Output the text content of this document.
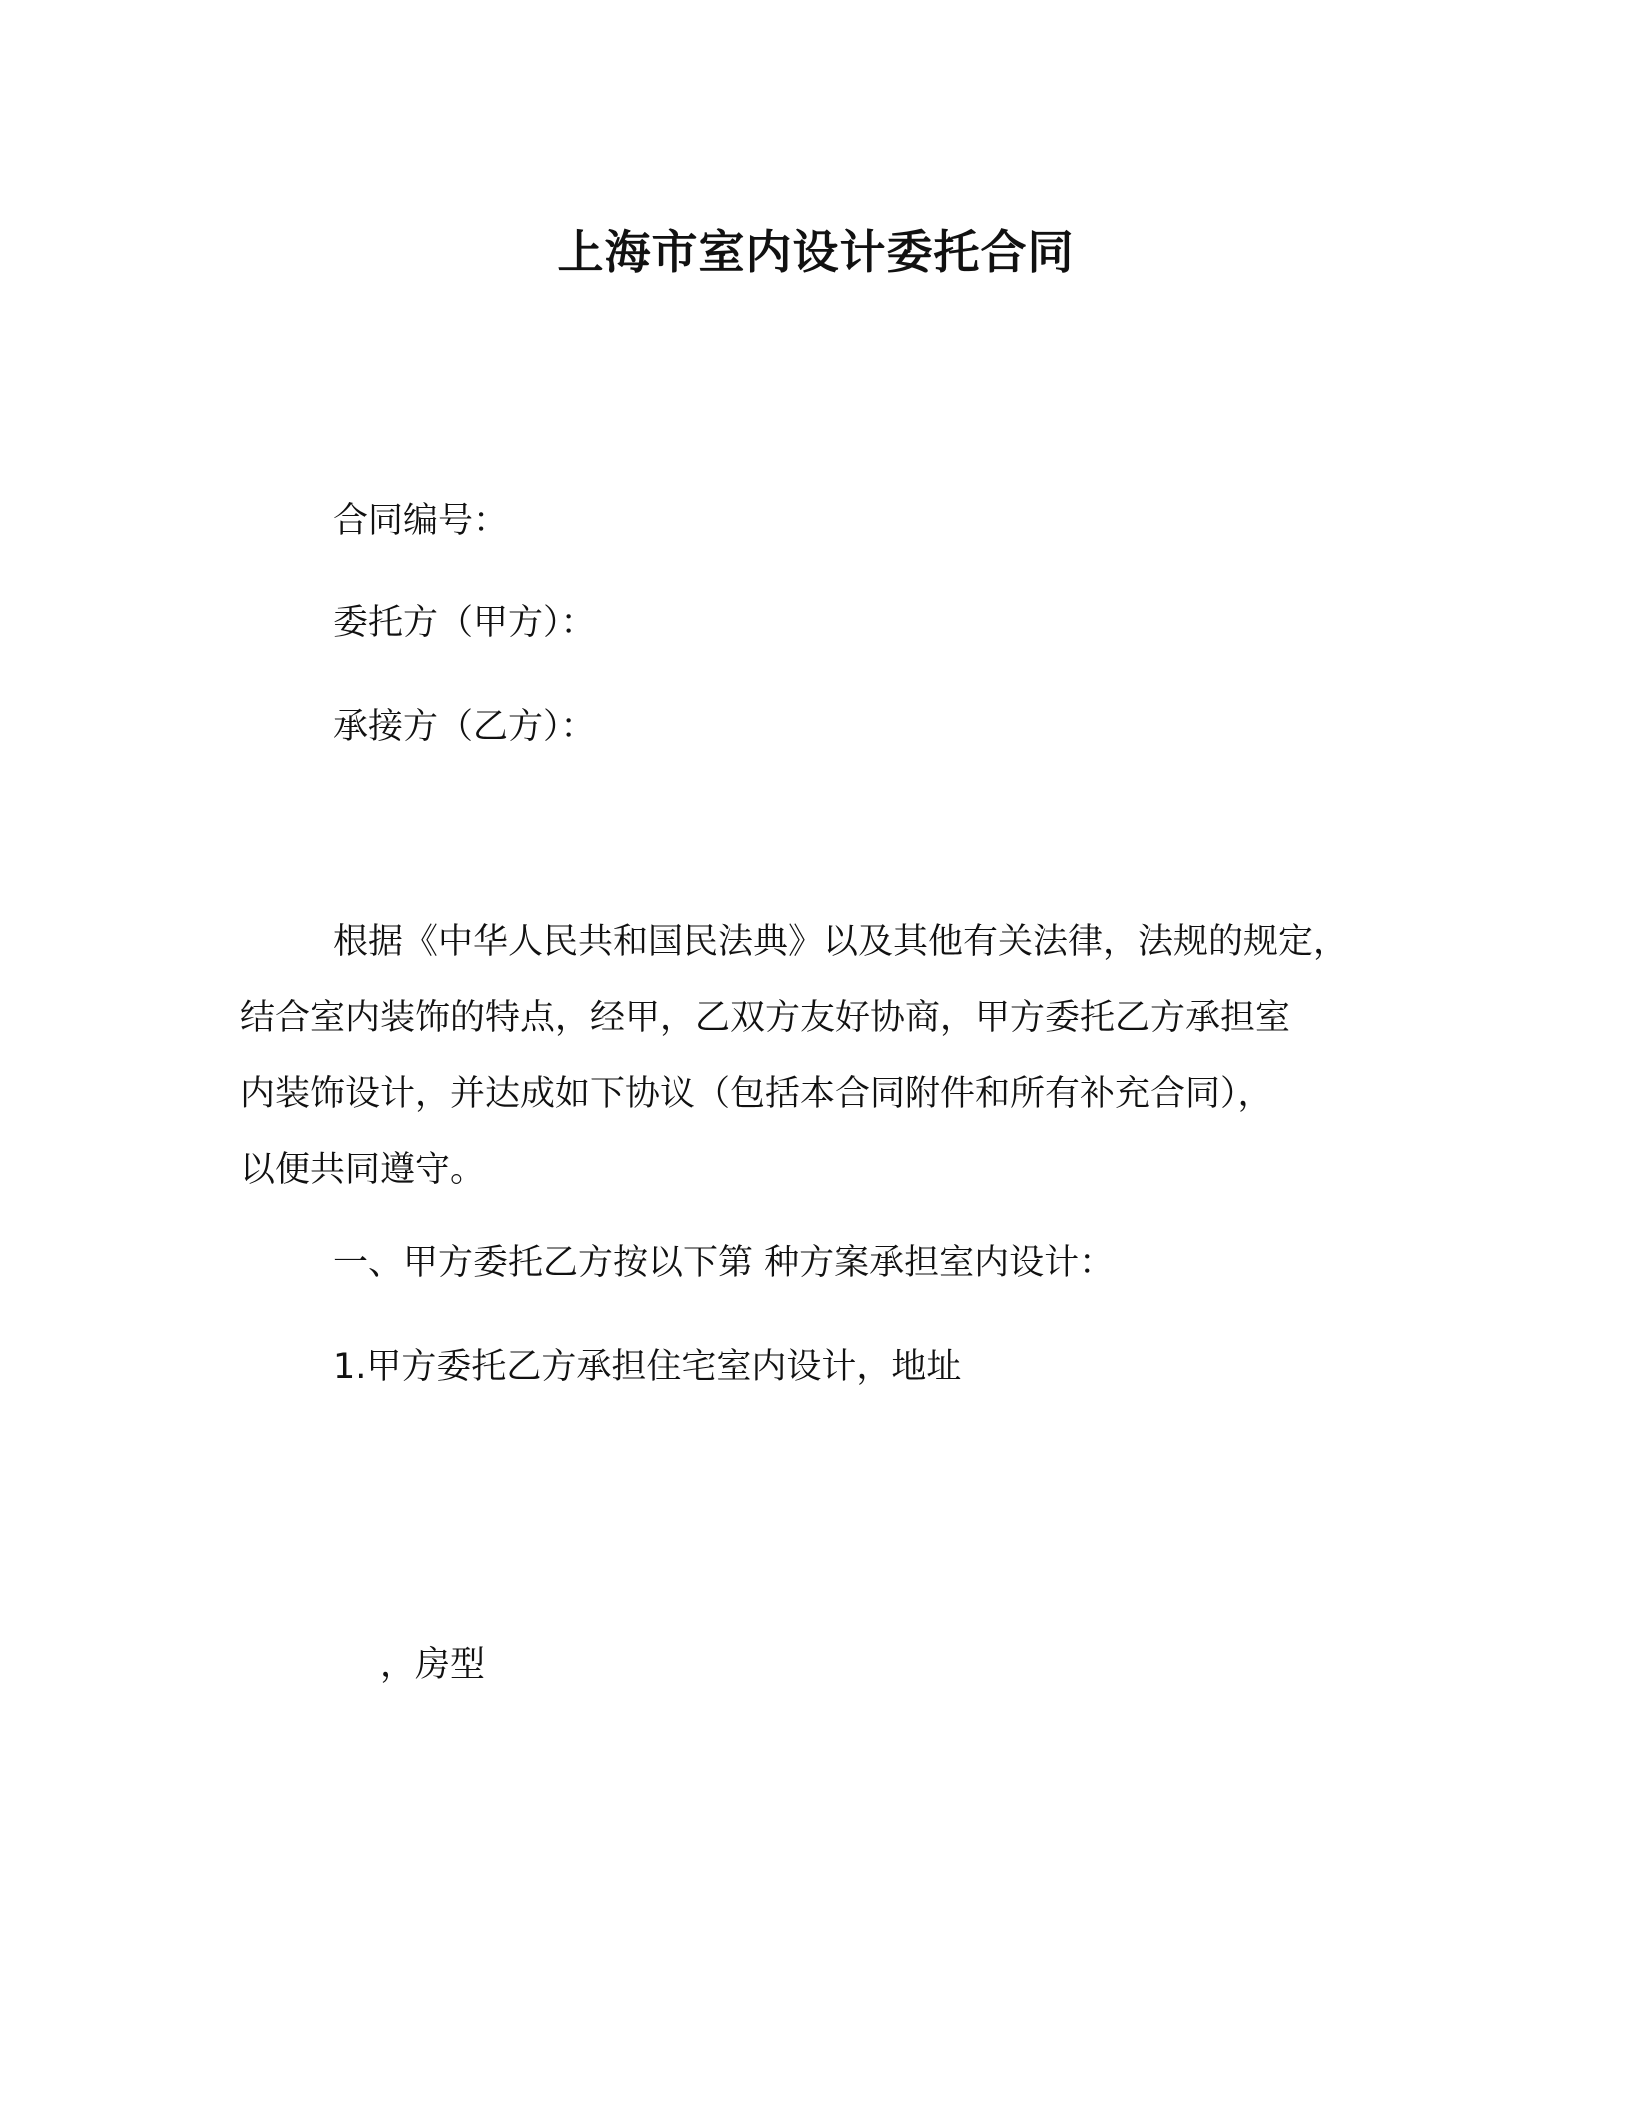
上海市室内设计委托合同
合同编号：
委托方（甲方）：
承接方（乙方）：
根据《中华人民共和国民法典》以及其他有关法律，法规的规定，
结合室内装饰的特点，经甲，乙双方友好协商，甲方委托乙方承担室
内装饰设计，并达成如下协议（包括本合同附件和所有补充合同），
以便共同遵守。
一、甲方委托乙方按以下第 种方案承担室内设计：
1.甲方委托乙方承担住宅室内设计，地址
，房型
